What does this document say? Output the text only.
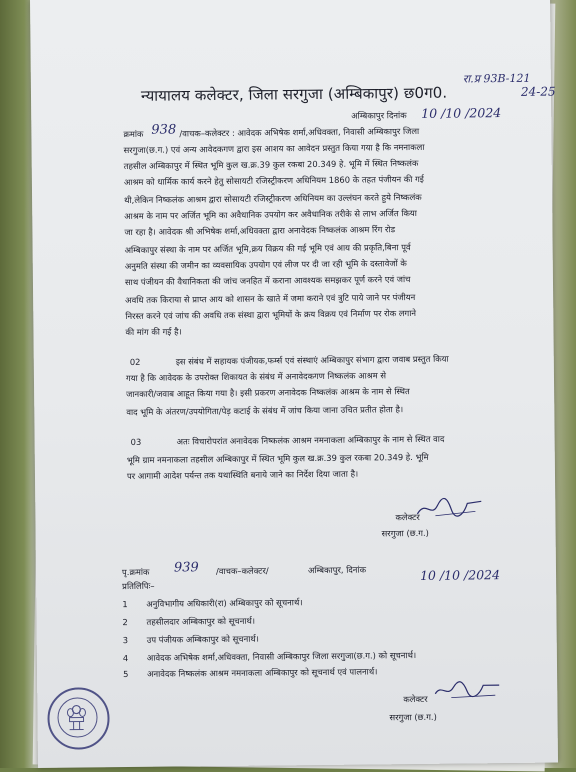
न्यायालय कलेक्टर, जिला सरगुजा (अम्बिकापुर) छ0ग0.
रा.प्र 93B-121
24-25
अम्बिकापुर दिनांक 10 /10 /2024
क्रमांक 938 /वाचक–कलेक्टर : आवेदक अभिषेक शर्मा,अधिवक्ता, निवासी अम्बिकापुर जिला
सरगुजा(छ.ग.) एवं अन्य आवेदकगण द्वारा इस आशय का आवेदन प्रस्तुत किया गया है कि नमनाकला
तहसील अम्बिकापुर में स्थित भूमि कुल ख.क्र.39 कुल रकबा 20.349 हे. भूमि में स्थित निष्कलंक
आश्रम को धार्मिक कार्य करने हेतु सोसायटी रजिस्ट्रीकरण अधिनियम 1860 के तहत पंजीयन की गई
थी,लेकिन निष्कलंक आश्रम द्वारा सोसायटी रजिस्ट्रीकरण अधिनियम का उल्लंघन करते हुये निष्कलंक
आश्रम के नाम पर अर्जित भूमि का अवैधानिक उपयोग कर अवैधानिक तरीके से लाभ अर्जित किया
जा रहा है। आवेदक श्री अभिषेक शर्मा,अधिवक्ता द्वारा अनावेदक निष्कलंक आश्रम रिंग रोड
अम्बिकापुर संस्था के नाम पर अर्जित भूमि,क्रय विक्रय की गई भूमि एवं आय की प्रकृति,बिना पूर्व
अनुमति संस्था की जमीन का व्यवसायिक उपयोग एवं लीज पर दी जा रही भूमि के दस्तावेजों के
साथ पंजीयन की वैधानिकता की जांच जनहित में कराना आवश्यक समझकर पूर्ण करने एवं जांच
अवधि तक किराया से प्राप्त आय को शासन के खाते में जमा कराने एवं त्रुटि पाये जाने पर पंजीयन
निरस्त करने एवं जांच की अवधि तक संस्था द्वारा भूमियों के क्रय विक्रय एवं निर्माण पर रोक लगाने
की मांग की गई है।
02	इस संबंध में सहायक पंजीयक,फर्म्स एवं संस्थाएं अम्बिकापुर संभाग द्वारा जवाब प्रस्तुत किया
गया है कि आवेदक के उपरोक्त शिकायत के संबंध में अनावेदकगण निष्कलंक आश्रम से
जानकारी/जवाब आहूत किया गया है। इसी प्रकरण अनावेदक निष्कलंक आश्रम के नाम से स्थित
वाद भूमि के अंतरण/उपयोगिता/पेड़ कटाई के संबंध में जांच किया जाना उचित प्रतीत होता है।
03	अतः विचारोपरांत अनावेदक निष्कलंक आश्रम नमनाकला अम्बिकापुर के नाम से स्थित वाद
भूमि ग्राम नमनाकला तहसील अम्बिकापुर में स्थित भूमि कुल ख.क्र.39 कुल रकबा 20.349 हे. भूमि
पर आगामी आदेश पर्यन्त तक यथास्थिति बनाये जाने का निर्देश दिया जाता है।
कलेक्टर
सरगुजा (छ.ग.)
पृ.क्रमांक 939 /वाचक–कलेक्टर/	अम्बिकापुर, दिनांक	10 /10 /2024
प्रतिलिपिः–
1 अनुविभागीय अधिकारी(रा) अम्बिकापुर को सूचनार्थ।
2 तहसीलदार अम्बिकापुर को सूचनार्थ।
3 उप पंजीयक अम्बिकापुर को सूचनार्थ।
4 आवेदक अभिषेक शर्मा,अधिवक्ता, निवासी अम्बिकापुर जिला सरगुजा(छ.ग.) को सूचनार्थ।
5 अनावेदक निष्कलंक आश्रम नमनाकला अम्बिकापुर को सूचनार्थ एवं पालनार्थ।
कलेक्टर
सरगुजा (छ.ग.)
